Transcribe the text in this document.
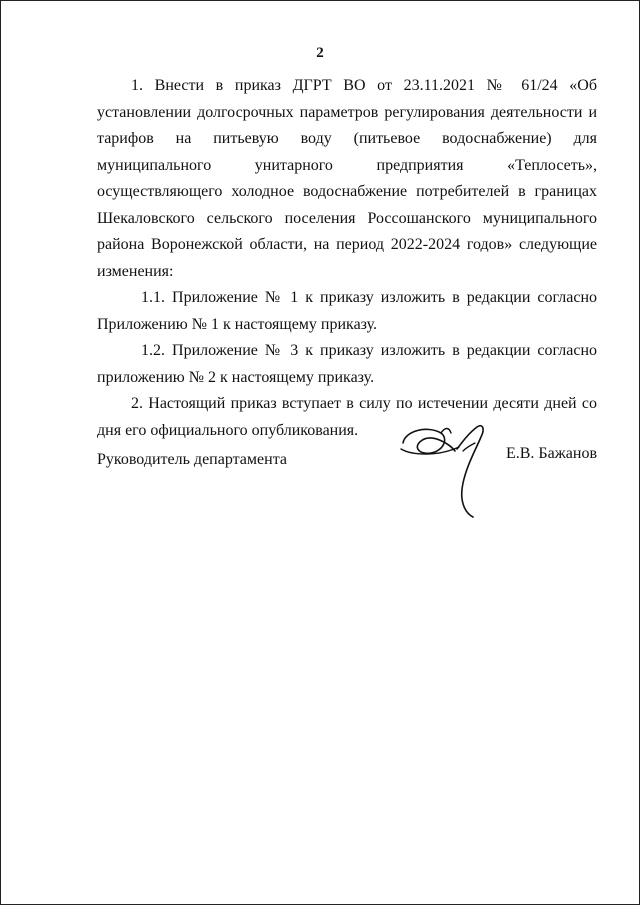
2

1. Внести в приказ ДГРТ ВО от 23.11.2021 № 61/24 «Об установлении долгосрочных параметров регулирования деятельности и тарифов на питьевую воду (питьевое водоснабжение) для муниципального унитарного предприятия «Теплосеть», осуществляющего холодное водоснабжение потребителей в границах Шекаловского сельского поселения Россошанского муниципального района Воронежской области, на период 2022-2024 годов» следующие изменения:

1.1. Приложение № 1 к приказу изложить в редакции согласно Приложению № 1 к настоящему приказу.

1.2. Приложение № 3 к приказу изложить в редакции согласно приложению № 2 к настоящему приказу.

2. Настоящий приказ вступает в силу по истечении десяти дней со дня его официального опубликования.

Руководитель департамента	Е.В. Бажанов
